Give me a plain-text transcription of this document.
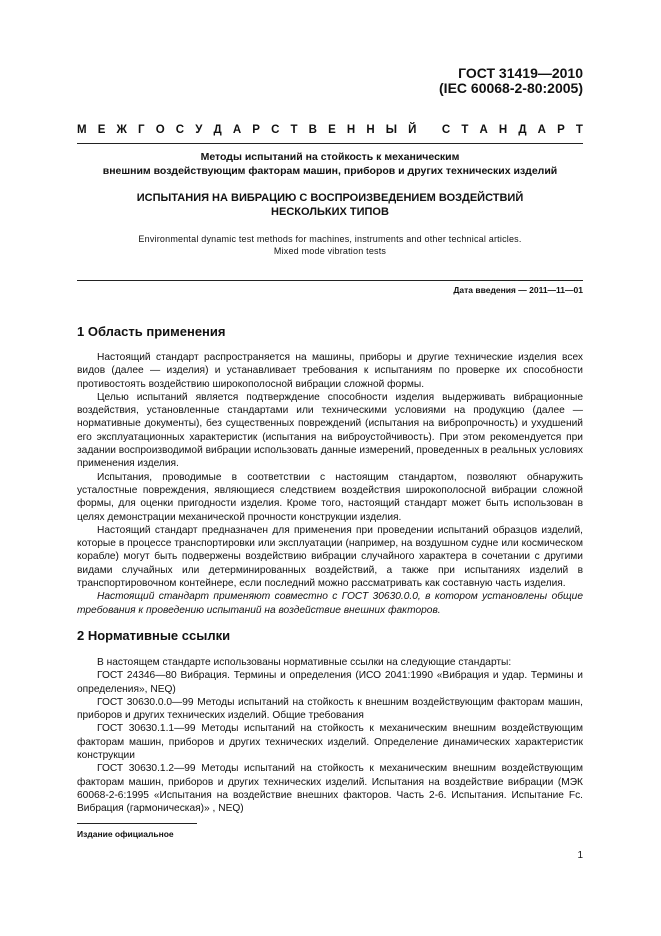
ГОСТ 31419—2010
(IEC 60068-2-80:2005)
М Е Ж Г О С У Д А Р С Т В Е Н Н Ы Й
С Т А Н Д А Р Т
Методы испытаний на стойкость к механическим
внешним воздействующим факторам машин, приборов и других технических изделий
ИСПЫТАНИЯ НА ВИБРАЦИЮ С ВОСПРОИЗВЕДЕНИЕМ ВОЗДЕЙСТВИЙ
НЕСКОЛЬКИХ ТИПОВ
Environmental dynamic test methods for machines, instruments and other technical articles.
Mixed mode vibration tests
Дата введения — 2011—11—01
1 Область применения

Настоящий стандарт распространяется на машины, приборы и другие технические изделия всех видов (далее — изделия) и устанавливает требования к испытаниям по проверке их способности противостоять воздействию широкополосной вибрации сложной формы.

Целью испытаний является подтверждение способности изделия выдерживать вибрационные воздействия, установленные стандартами или техническими условиями на продукцию (далее — нормативные документы), без существенных повреждений (испытания на вибропрочность) и ухудшений его эксплуатационных характеристик (испытания на виброустойчивость). При этом рекомендуется при задании воспроизводимой вибрации использовать данные измерений, проведенных в реальных условиях применения изделия.

Испытания, проводимые в соответствии с настоящим стандартом, позволяют обнаружить усталостные повреждения, являющиеся следствием воздействия широкополосной вибрации сложной формы, для оценки пригодности изделия. Кроме того, настоящий стандарт может быть использован в целях демонстрации механической прочности конструкции изделия.

Настоящий стандарт предназначен для применения при проведении испытаний образцов изделий, которые в процессе транспортировки или эксплуатации (например, на воздушном судне или космическом корабле) могут быть подвержены воздействию вибрации случайного характера в сочетании с другими видами случайных или детерминированных воздействий, а также при испытаниях изделий в транспортировочном контейнере, если последний можно рассматривать как составную часть изделия.

Настоящий стандарт применяют совместно с ГОСТ 30630.0.0, в котором установлены общие требования к проведению испытаний на воздействие внешних факторов.

2 Нормативные ссылки

В настоящем стандарте использованы нормативные ссылки на следующие стандарты:

ГОСТ 24346—80 Вибрация. Термины и определения (ИСО 2041:1990 «Вибрация и удар. Термины и определения», NEQ)

ГОСТ 30630.0.0—99 Методы испытаний на стойкость к внешним воздействующим факторам машин, приборов и других технических изделий. Общие требования

ГОСТ 30630.1.1—99 Методы испытаний на стойкость к механическим внешним воздействующим факторам машин, приборов и других технических изделий. Определение динамических характеристик конструкции

ГОСТ 30630.1.2—99 Методы испытаний на стойкость к механическим внешним воздействующим факторам машин, приборов и других технических изделий. Испытания на воздействие вибрации (МЭК 60068-2-6:1995 «Испытания на воздействие внешних факторов. Часть 2-6. Испытания. Испытание Fc. Вибрация (гармоническая)» , NEQ)

Издание официальное
1
